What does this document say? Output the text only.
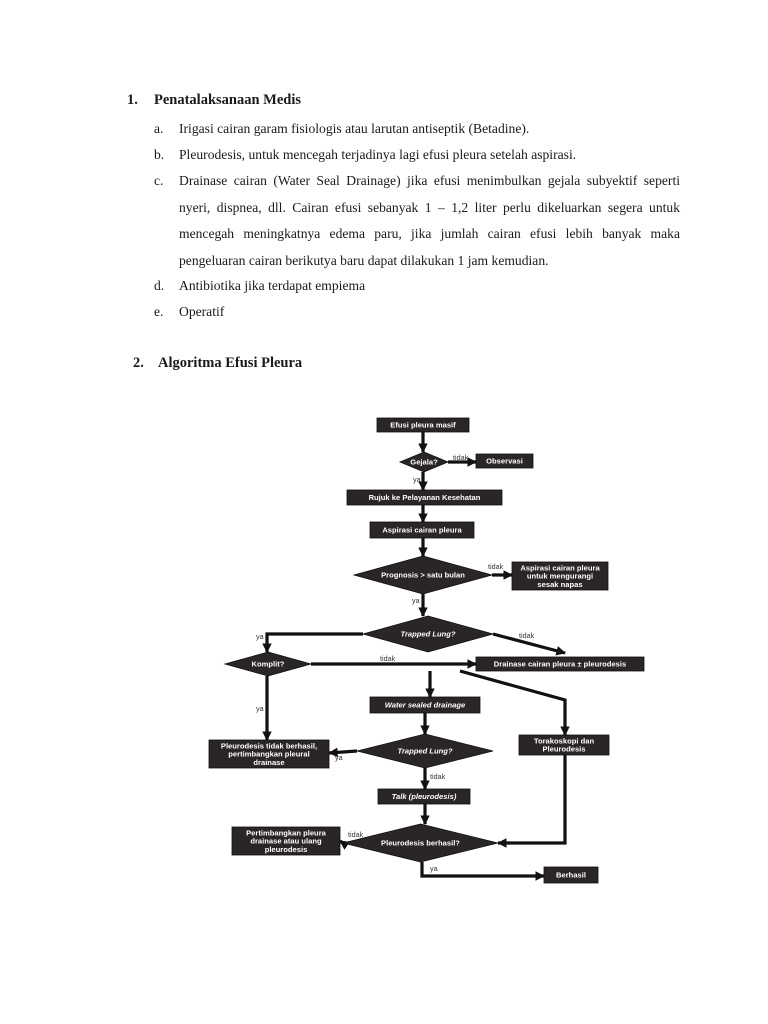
1. Penatalaksanaan Medis
a. Irigasi cairan garam fisiologis atau larutan antiseptik (Betadine).
b. Pleurodesis, untuk mencegah terjadinya lagi efusi pleura setelah aspirasi.
c. Drainase cairan (Water Seal Drainage) jika efusi menimbulkan gejala subyektif seperti nyeri, dispnea, dll. Cairan efusi sebanyak 1 – 1,2 liter perlu dikeluarkan segera untuk mencegah meningkatnya edema paru, jika jumlah cairan efusi lebih banyak maka pengeluaran cairan berikutya baru dapat dilakukan 1 jam kemudian.
d. Antibiotika jika terdapat empiema
e. Operatif
2. Algoritma Efusi Pleura
Efusi pleura masif
Gejala?	Observasi
Rujuk ke Pelayanan Kesehatan
Aspirasi cairan pleura
Prognosis > satu bulan
Aspirasi cairan pleura
untuk mengurangi
sesak napas
Trapped Lung?
Komplit?	Drainase cairan pleura ± pleurodesis
Water sealed drainage
Pleurodesis tidak berhasil,
pertimbangkan pleural
drainase
Torakoskopi dan
Pleurodesis
Trapped Lung?
Talk (pleurodesis)
Pleurodesis berhasil?
Pertimbangkan pleura
drainase atau ulang
pleurodesis
Berhasil
tidak
ya
tidak
ya
ya	tidak
tidak
ya
ya
tidak
tidak
ya
